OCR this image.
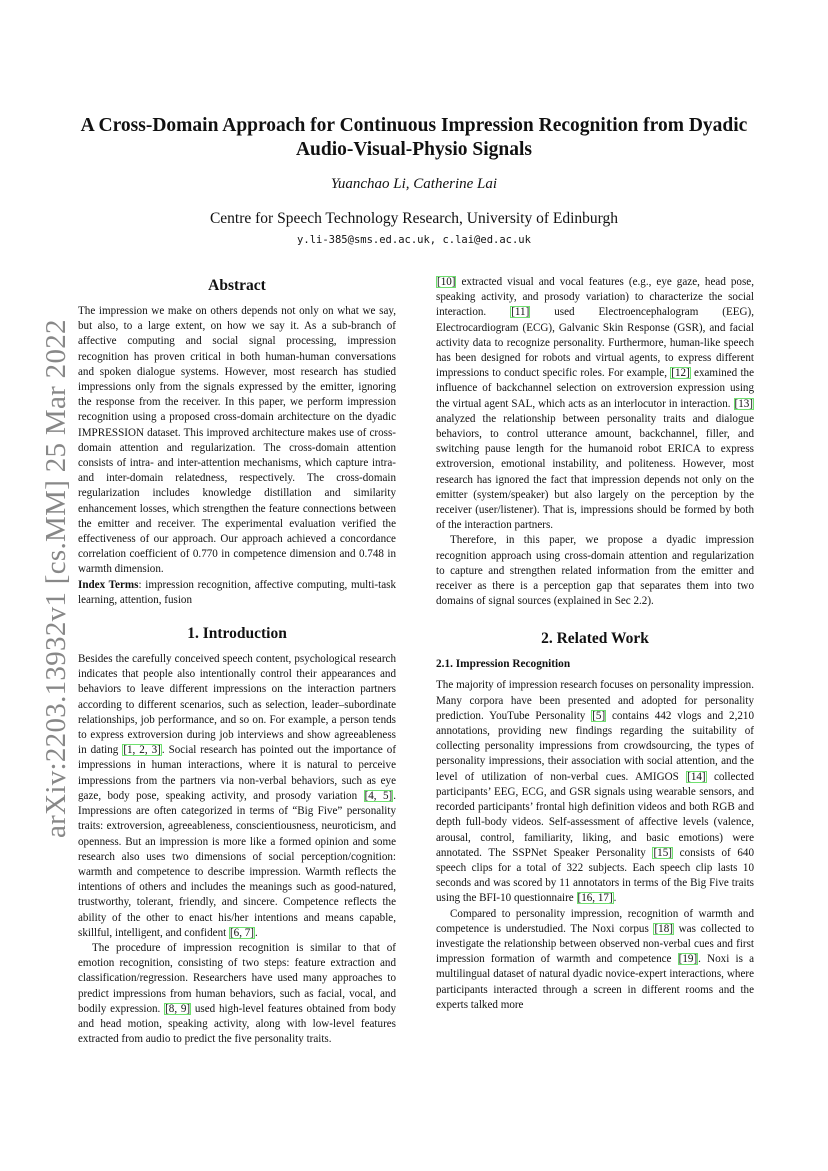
arXiv:2203.13932v1 [cs.MM] 25 Mar 2022
A Cross-Domain Approach for Continuous Impression Recognition from Dyadic Audio-Visual-Physio Signals
Yuanchao Li, Catherine Lai
Centre for Speech Technology Research, University of Edinburgh
y.li-385@sms.ed.ac.uk, c.lai@ed.ac.uk
Abstract

The impression we make on others depends not only on what we say, but also, to a large extent, on how we say it. As a sub-branch of affective computing and social signal processing, impression recognition has proven critical in both human-human conversations and spoken dialogue systems. However, most research has studied impressions only from the signals expressed by the emitter, ignoring the response from the receiver. In this paper, we perform impression recognition using a proposed cross-domain architecture on the dyadic IMPRESSION dataset. This improved architecture makes use of cross-domain attention and regularization. The cross-domain attention consists of intra- and inter-attention mechanisms, which capture intra- and inter-domain relatedness, respectively. The cross-domain regularization includes knowledge distillation and similarity enhancement losses, which strengthen the feature connections between the emitter and receiver. The experimental evaluation verified the effectiveness of our approach. Our approach achieved a concordance correlation coefficient of 0.770 in competence dimension and 0.748 in warmth dimension.

Index Terms: impression recognition, affective computing, multi-task learning, attention, fusion

1. Introduction

Besides the carefully conceived speech content, psychological research indicates that people also intentionally control their appearances and behaviors to leave different impressions on the interaction partners according to different scenarios, such as selection, leader–subordinate relationships, job performance, and so on. For example, a person tends to express extroversion during job interviews and show agreeableness in dating [1, 2, 3]. Social research has pointed out the importance of impressions in human interactions, where it is natural to perceive impressions from the partners via non-verbal behaviors, such as eye gaze, body pose, speaking activity, and prosody variation [4, 5]. Impressions are often categorized in terms of “Big Five” personality traits: extroversion, agreeableness, conscientiousness, neuroticism, and openness. But an impression is more like a formed opinion and some research also uses two dimensions of social perception/cognition: warmth and competence to describe impression. Warmth reflects the intentions of others and includes the meanings such as good-natured, trustworthy, tolerant, friendly, and sincere. Competence reflects the ability of the other to enact his/her intentions and means capable, skillful, intelligent, and confident [6, 7].

The procedure of impression recognition is similar to that of emotion recognition, consisting of two steps: feature extraction and classification/regression. Researchers have used many approaches to predict impressions from human behaviors, such as facial, vocal, and bodily expression. [8, 9] used high-level features obtained from body and head motion, speaking activity, along with low-level features extracted from audio to predict the five personality traits.

[10] extracted visual and vocal features (e.g., eye gaze, head pose, speaking activity, and prosody variation) to characterize the social interaction. [11] used Electroencephalogram (EEG), Electrocardiogram (ECG), Galvanic Skin Response (GSR), and facial activity data to recognize personality. Furthermore, human-like speech has been designed for robots and virtual agents, to express different impressions to conduct specific roles. For example, [12] examined the influence of backchannel selection on extroversion expression using the virtual agent SAL, which acts as an interlocutor in interaction. [13] analyzed the relationship between personality traits and dialogue behaviors, to control utterance amount, backchannel, filler, and switching pause length for the humanoid robot ERICA to express extroversion, emotional instability, and politeness. However, most research has ignored the fact that impression depends not only on the emitter (system/speaker) but also largely on the perception by the receiver (user/listener). That is, impressions should be formed by both of the interaction partners.

Therefore, in this paper, we propose a dyadic impression recognition approach using cross-domain attention and regularization to capture and strengthen related information from the emitter and receiver as there is a perception gap that separates them into two domains of signal sources (explained in Sec 2.2).

2. Related Work
2.1. Impression Recognition

The majority of impression research focuses on personality impression. Many corpora have been presented and adopted for personality prediction. YouTube Personality [5] contains 442 vlogs and 2,210 annotations, providing new findings regarding the suitability of collecting personality impressions from crowdsourcing, the types of personality impressions, their association with social attention, and the level of utilization of non-verbal cues. AMIGOS [14] collected participants’ EEG, ECG, and GSR signals using wearable sensors, and recorded participants’ frontal high definition videos and both RGB and depth full-body videos. Self-assessment of affective levels (valence, arousal, control, familiarity, liking, and basic emotions) were annotated. The SSPNet Speaker Personality [15] consists of 640 speech clips for a total of 322 subjects. Each speech clip lasts 10 seconds and was scored by 11 annotators in terms of the Big Five traits using the BFI-10 questionnaire [16, 17].

Compared to personality impression, recognition of warmth and competence is understudied. The Noxi corpus [18] was collected to investigate the relationship between observed non-verbal cues and first impression formation of warmth and competence [19]. Noxi is a multilingual dataset of natural dyadic novice-expert interactions, where participants interacted through a screen in different rooms and the experts talked more
